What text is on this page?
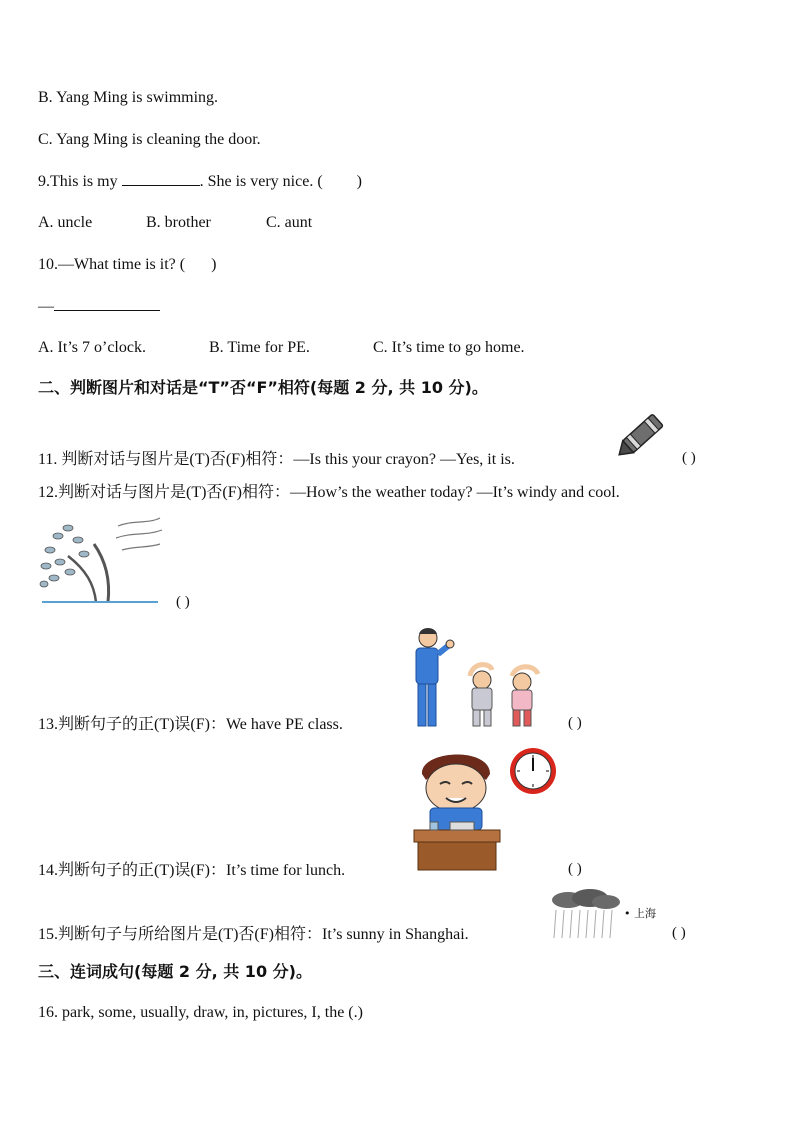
B. Yang Ming is swimming.
C. Yang Ming is cleaning the door.
9.This is my	. She is very nice. ( )
A. uncle	B. brother	C. aunt
10.—What time is it? ( )
—
A. It’s 7 o’clock.	B. Time for PE.	C. It’s time to go home.
二、判断图片和对话是“T”否“F”相符(每题 2 分, 共 10 分)。
11. 判断对话与图片是(T)否(F)相符：—Is this your crayon? —Yes, it is.	( )
12.判断对话与图片是(T)否(F)相符：—How’s the weather today? —It’s windy and cool.
( )
13.判断句子的正(T)误(F)：We have PE class.	( )
14.判断句子的正(T)误(F)：It’s time for lunch.	( )
• 上海
15.判断句子与所给图片是(T)否(F)相符：It’s sunny in Shanghai.	( )
三、连词成句(每题 2 分, 共 10 分)。
16. park, some, usually, draw, in, pictures, I, the (.)
